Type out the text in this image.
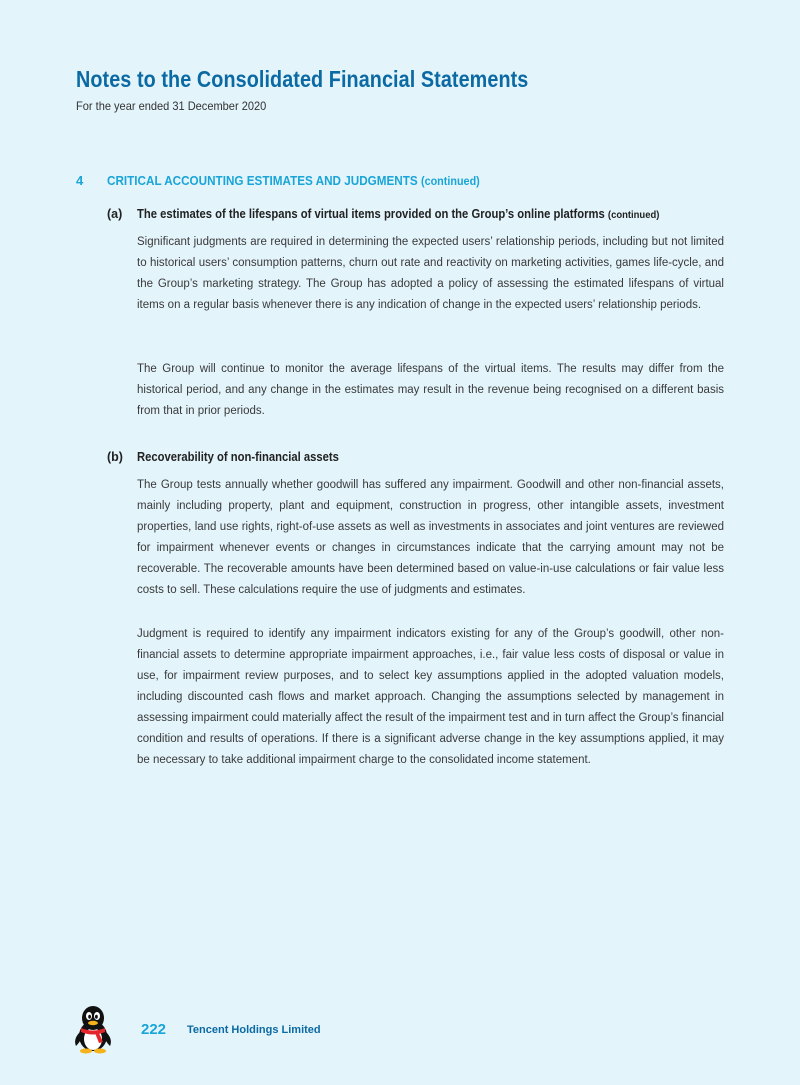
Notes to the Consolidated Financial Statements
For the year ended 31 December 2020
4 CRITICAL ACCOUNTING ESTIMATES AND JUDGMENTS (continued)
(a) The estimates of the lifespans of virtual items provided on the Group’s online platforms (continued)

Significant judgments are required in determining the expected users’ relationship periods, including but not limited to historical users’ consumption patterns, churn out rate and reactivity on marketing activities, games life-cycle, and the Group’s marketing strategy. The Group has adopted a policy of assessing the estimated lifespans of virtual items on a regular basis whenever there is any indication of change in the expected users’ relationship periods.

The Group will continue to monitor the average lifespans of the virtual items. The results may differ from the historical period, and any change in the estimates may result in the revenue being recognised on a different basis from that in prior periods.

(b) Recoverability of non-financial assets

The Group tests annually whether goodwill has suffered any impairment. Goodwill and other non-financial assets, mainly including property, plant and equipment, construction in progress, other intangible assets, investment properties, land use rights, right-of-use assets as well as investments in associates and joint ventures are reviewed for impairment whenever events or changes in circumstances indicate that the carrying amount may not be recoverable. The recoverable amounts have been determined based on value-in-use calculations or fair value less costs to sell. These calculations require the use of judgments and estimates.

Judgment is required to identify any impairment indicators existing for any of the Group’s goodwill, other non-financial assets to determine appropriate impairment approaches, i.e., fair value less costs of disposal or value in use, for impairment review purposes, and to select key assumptions applied in the adopted valuation models, including discounted cash flows and market approach. Changing the assumptions selected by management in assessing impairment could materially affect the result of the impairment test and in turn affect the Group’s financial condition and results of operations. If there is a significant adverse change in the key assumptions applied, it may be necessary to take additional impairment charge to the consolidated income statement.

222 Tencent Holdings Limited
